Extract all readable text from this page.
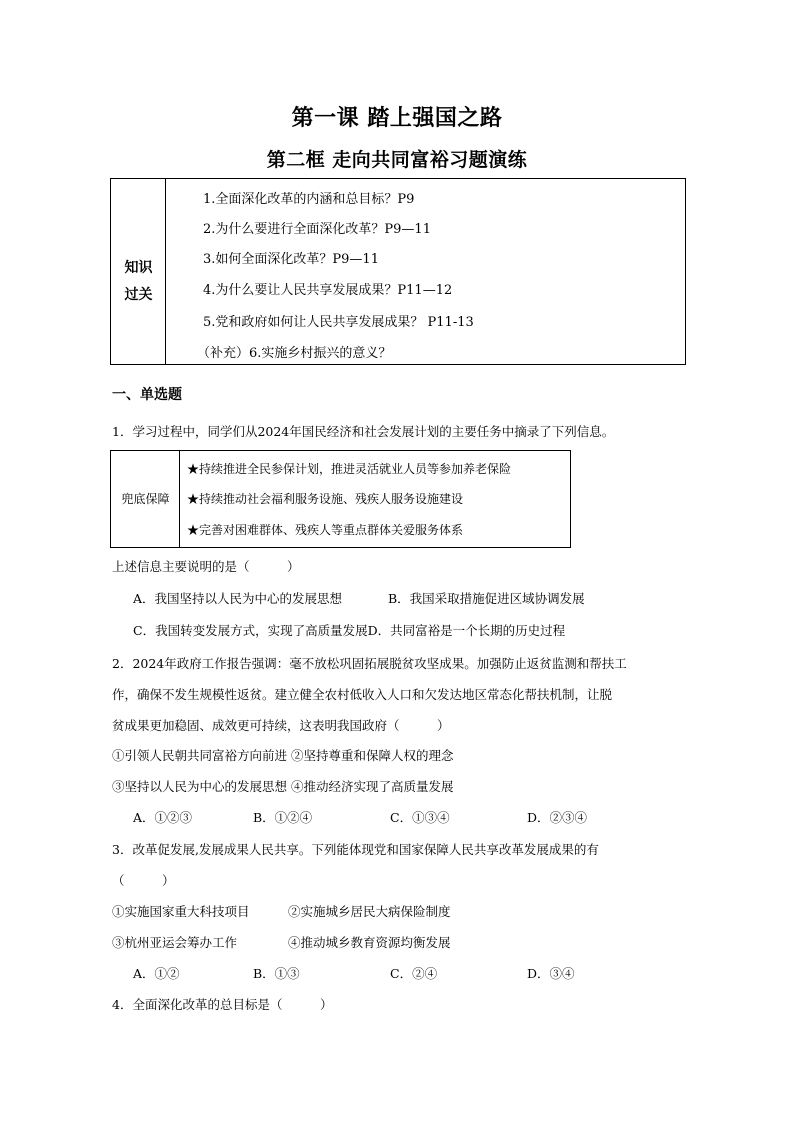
第一课 踏上强国之路
第二框 走向共同富裕习题演练
知识
过关
1.全面深化改革的内涵和总目标？P9
2.为什么要进行全面深化改革？P9—11
3.如何全面深化改革？P9—11
4.为什么要让人民共享发展成果？P11—12
5.党和政府如何让人民共享发展成果？ P11-13
（补充）6.实施乡村振兴的意义？
一、单选题
1．学习过程中，同学们从2024年国民经济和社会发展计划的主要任务中摘录了下列信息。
兜底保障
★持续推进全民参保计划，推进灵活就业人员等参加养老保险
★持续推动社会福利服务设施、残疾人服务设施建设
★完善对困难群体、残疾人等重点群体关爱服务体系
上述信息主要说明的是（　　　）
A．我国坚持以人民为中心的发展思想	B．我国采取措施促进区域协调发展
C．我国转变发展方式，实现了高质量发展D．共同富裕是一个长期的历史过程
2．2024年政府工作报告强调：毫不放松巩固拓展脱贫攻坚成果。加强防止返贫监测和帮扶工
作，确保不发生规模性返贫。建立健全农村低收入人口和欠发达地区常态化帮扶机制，让脱
贫成果更加稳固、成效更可持续，这表明我国政府（　　　）
①引领人民朝共同富裕方向前进 ②坚持尊重和保障人权的理念
③坚持以人民为中心的发展思想 ④推动经济实现了高质量发展
A．①②③	B．①②④	C．①③④	D．②③④
3．改革促发展,发展成果人民共享。下列能体现党和国家保障人民共享改革发展成果的有
（　　　）
①实施国家重大科技项目	②实施城乡居民大病保险制度
③杭州亚运会筹办工作	④推动城乡教育资源均衡发展
A．①②	B．①③	C．②④	D．③④
4．全面深化改革的总目标是（　　　）
